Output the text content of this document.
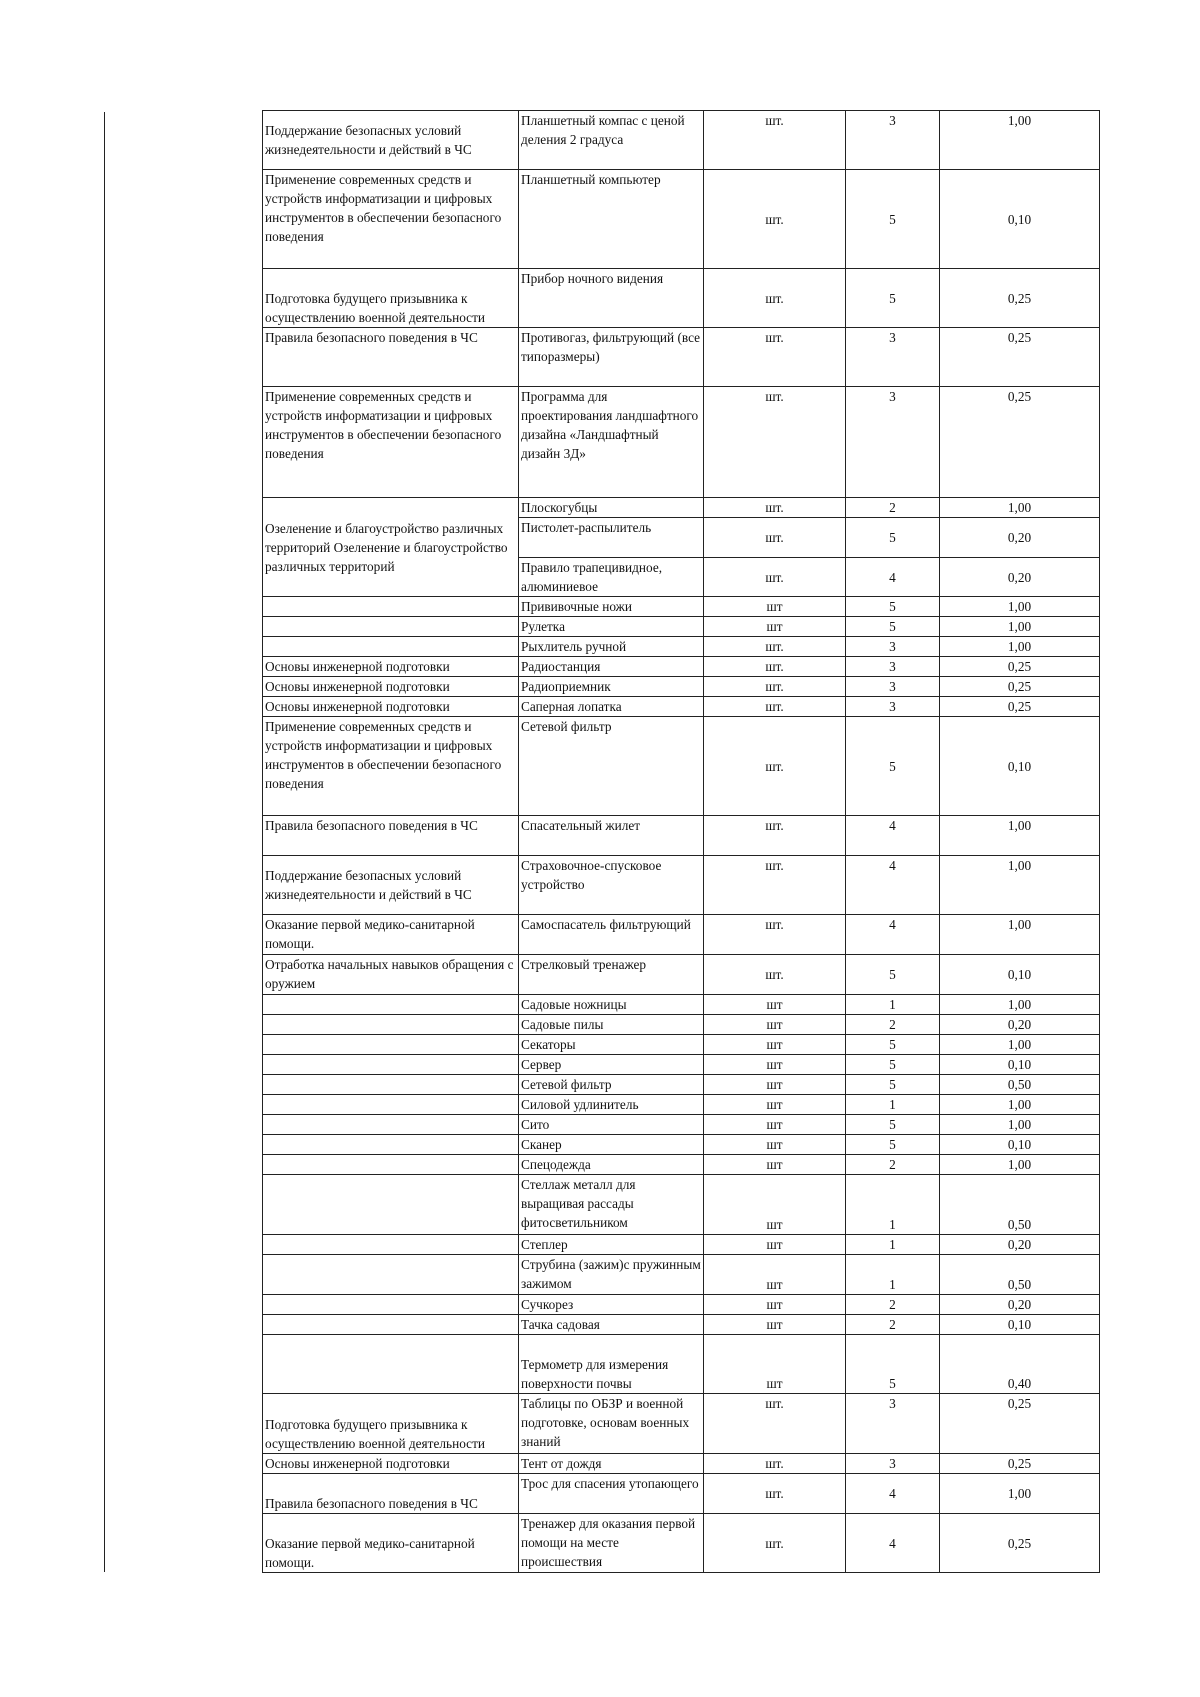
Поддержание безопасных условий жизнедеятельности и действий в ЧС	Планшетный компас с ценой деления 2 градуса	шт.	3	1,00
Применение современных средств и устройств информатизации и цифровых инструментов в обеспечении безопасного поведения	Планшетный компьютер	шт.	5	0,10
Подготовка будущего призывника к осуществлению военной деятельности	Прибор ночного видения	шт.	5	0,25
Правила безопасного поведения в ЧС	Противогаз, фильтрующий (все типоразмеры)	шт.	3	0,25
Применение современных средств и устройств информатизации и цифровых инструментов в обеспечении безопасного поведения	Программа для проектирования ландшафтного дизайна «Ландшафтный дизайн 3Д»	шт.	3	0,25
Озеленение и благоустройство различных территорий Озеленение и благоустройство различных территорий	Плоскогубцы	шт.	2	1,00
	Пистолет-распылитель	шт.	5	0,20
	Правило трапецивидное, алюминиевое	шт.	4	0,20
	Прививочные ножи	шт	5	1,00
	Рулетка	шт	5	1,00
	Рыхлитель ручной	шт.	3	1,00
Основы инженерной подготовки	Радиостанция	шт.	3	0,25
Основы инженерной подготовки	Радиоприемник	шт.	3	0,25
Основы инженерной подготовки	Саперная лопатка	шт.	3	0,25
Применение современных средств и устройств информатизации и цифровых инструментов в обеспечении безопасного поведения	Сетевой фильтр	шт.	5	0,10
Правила безопасного поведения в ЧС	Спасательный жилет	шт.	4	1,00
Поддержание безопасных условий жизнедеятельности и действий в ЧС	Страховочное-спусковое устройство	шт.	4	1,00
Оказание первой медико-санитарной помощи.	Самоспасатель фильтрующий	шт.	4	1,00
Отработка начальных навыков обращения с оружием	Стрелковый тренажер	шт.	5	0,10
	Садовые ножницы	шт	1	1,00
	Садовые пилы	шт	2	0,20
	Секаторы	шт	5	1,00
	Сервер	шт	5	0,10
	Сетевой фильтр	шт	5	0,50
	Силовой удлинитель	шт	1	1,00
	Сито	шт	5	1,00
	Сканер	шт	5	0,10
	Спецодежда	шт	2	1,00
	Стеллаж металл для выращивая рассады фитосветильником	шт	1	0,50
	Степлер	шт	1	0,20
	Струбина (зажим)с пружинным зажимом	шт	1	0,50
	Сучкорез	шт	2	0,20
	Тачка садовая	шт	2	0,10
	Термометр для измерения поверхности почвы	шт	5	0,40
Подготовка будущего призывника к осуществлению военной деятельности	Таблицы по ОБЗР и военной подготовке, основам военных знаний	шт.	3	0,25
Основы инженерной подготовки	Тент от дождя	шт.	3	0,25
Правила безопасного поведения в ЧС	Трос для спасения утопающего	шт.	4	1,00
Оказание первой медико-санитарной помощи.	Тренажер для оказания первой помощи на месте происшествия	шт.	4	0,25
